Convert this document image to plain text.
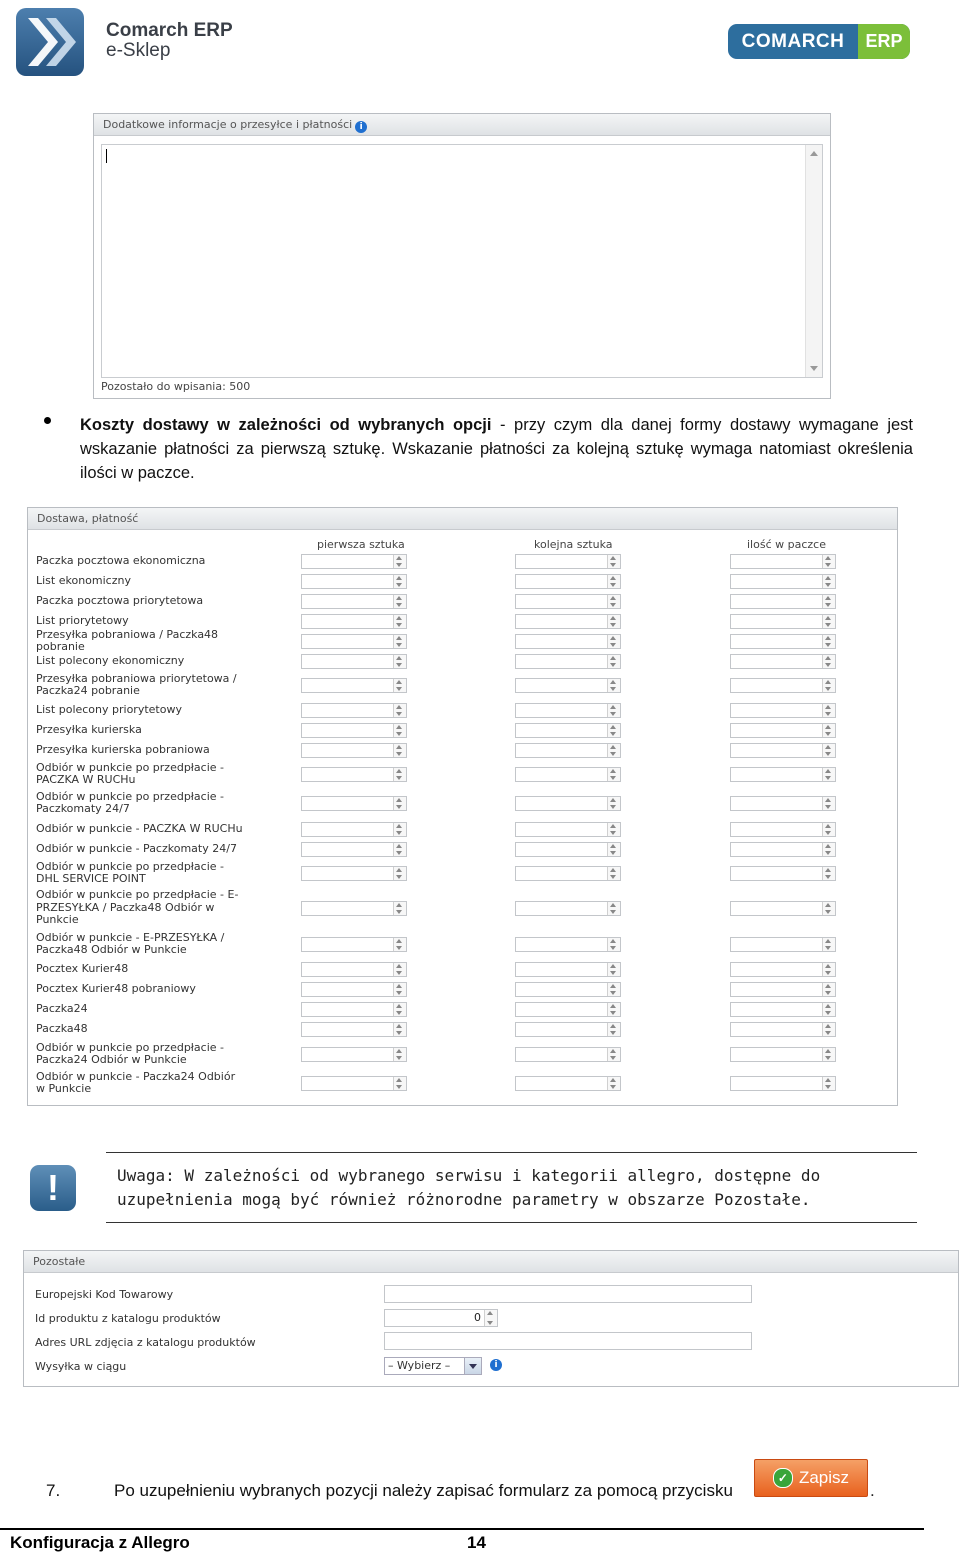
Comarch ERP
e-Sklep	COMARCH	ERP
Dodatkowe informacje o przesyłce i płatności i
Pozostało do wpisania: 500
Koszty dostawy w zależności od wybranych opcji - przy czym dla danej formy dostawy wymagane jest wskazanie płatności za pierwszą sztukę. Wskazanie płatności za kolejną sztukę wymaga natomiast określenia ilości w paczce.
Dostawa, płatność
pierwsza sztuka	kolejna sztuka	ilość w paczce
Paczka pocztowa ekonomiczna
List ekonomiczny
Paczka pocztowa priorytetowa
List priorytetowy
Przesyłka pobraniowa / Paczka48 pobranie
List polecony ekonomiczny
Przesyłka pobraniowa priorytetowa / Paczka24 pobranie
List polecony priorytetowy
Przesyłka kurierska
Przesyłka kurierska pobraniowa
Odbiór w punkcie po przedpłacie - PACZKA W RUCHu
Odbiór w punkcie po przedpłacie - Paczkomaty 24/7
Odbiór w punkcie - PACZKA W RUCHu
Odbiór w punkcie - Paczkomaty 24/7
Odbiór w punkcie po przedpłacie - DHL SERVICE POINT
Odbiór w punkcie po przedpłacie - E-PRZESYŁKA / Paczka48 Odbiór w Punkcie
Odbiór w punkcie - E-PRZESYŁKA / Paczka48 Odbiór w Punkcie
Pocztex Kurier48
Pocztex Kurier48 pobraniowy
Paczka24
Paczka48
Odbiór w punkcie po przedpłacie - Paczka24 Odbiór w Punkcie
Odbiór w punkcie - Paczka24 Odbiór w Punkcie
!	Uwaga: W zależności od wybranego serwisu i kategorii allegro, dostępne do uzupełnienia mogą być również różnorodne parametry w obszarze Pozostałe.
Pozostałe
Europejski Kod Towarowy
Id produktu z katalogu produktów	0
Adres URL zdjęcia z katalogu produktów
Wysyłka w ciągu	– Wybierz –	i
7.	Po uzupełnieniu wybranych pozycji należy zapisać formularz za pomocą przycisku
✓ Zapisz
.
Konfiguracja z Allegro	14
